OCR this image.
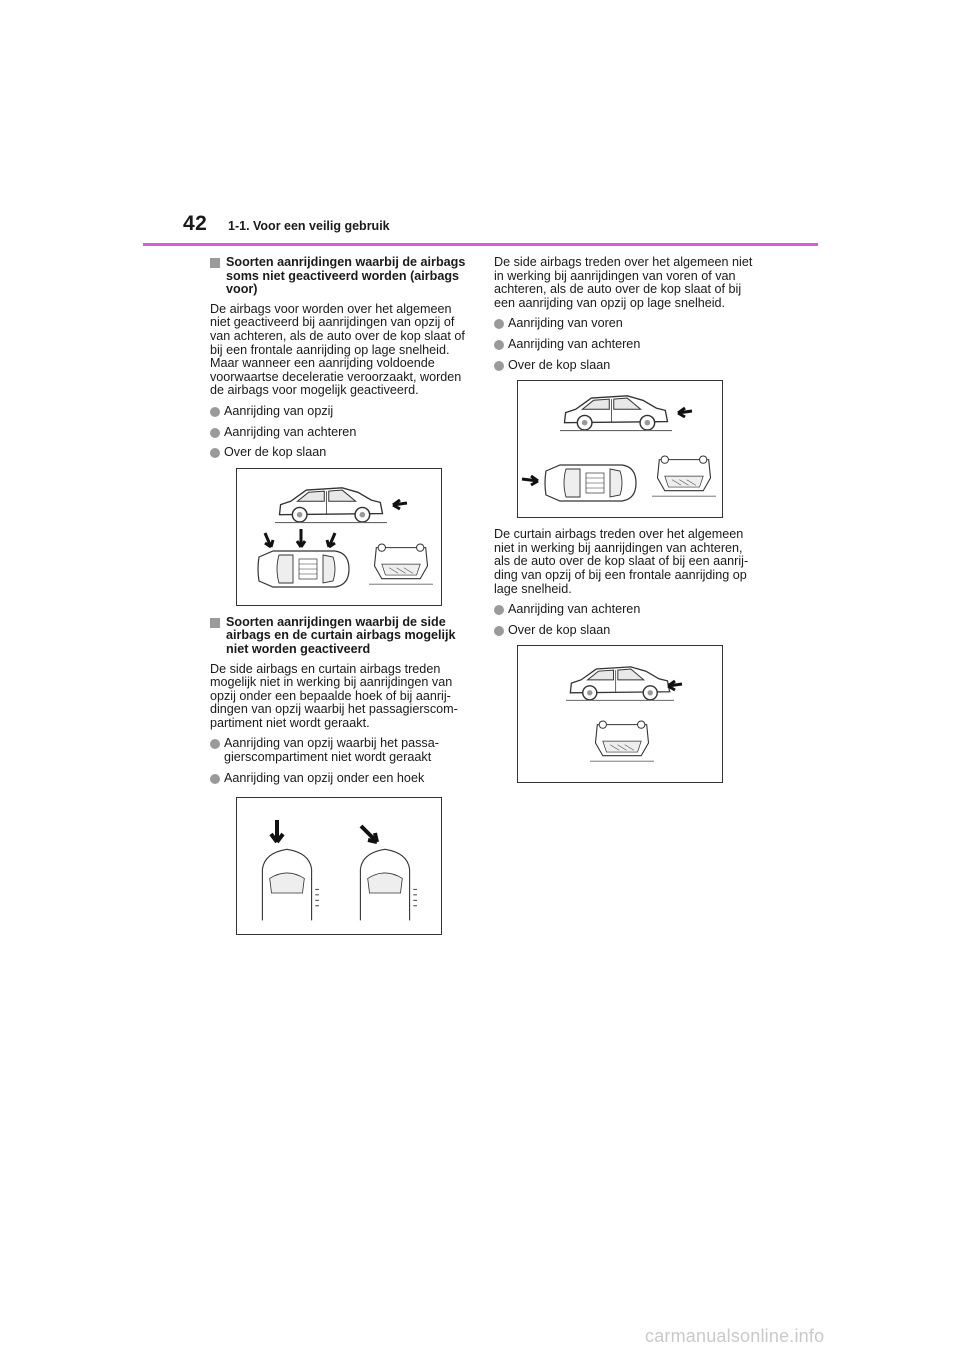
42 1-1. Voor een veilig gebruik
Soorten aanrijdingen waarbij de airbags soms niet geactiveerd worden (airbags voor)

De airbags voor worden over het algemeen niet geactiveerd bij aanrijdingen van opzij of van achteren, als de auto over de kop slaat of bij een frontale aanrijding op lage snelheid. Maar wanneer een aanrijding voldoende voorwaartse deceleratie veroorzaakt, worden de airbags voor mogelijk geactiveerd.

Aanrijding van opzij
Aanrijding van achteren
Over de kop slaan
Soorten aanrijdingen waarbij de side airbags en de curtain airbags mogelijk niet worden geactiveerd

De side airbags en curtain airbags treden mogelijk niet in werking bij aanrijdingen van opzij onder een bepaalde hoek of bij aanrij-dingen van opzij waarbij het passagierscom-partiment niet wordt geraakt.

Aanrijding van opzij waarbij het passa-gierscompartiment niet wordt geraakt
Aanrijding van opzij onder een hoek

De side airbags treden over het algemeen niet in werking bij aanrijdingen van voren of van achteren, als de auto over de kop slaat of bij een aanrijding van opzij op lage snelheid.

Aanrijding van voren
Aanrijding van achteren
Over de kop slaan

De curtain airbags treden over het algemeen niet in werking bij aanrijdingen van achteren, als de auto over de kop slaat of bij een aanrij-ding van opzij of bij een frontale aanrijding op lage snelheid.

Aanrijding van achteren
Over de kop slaan
carmanualsonline.info
